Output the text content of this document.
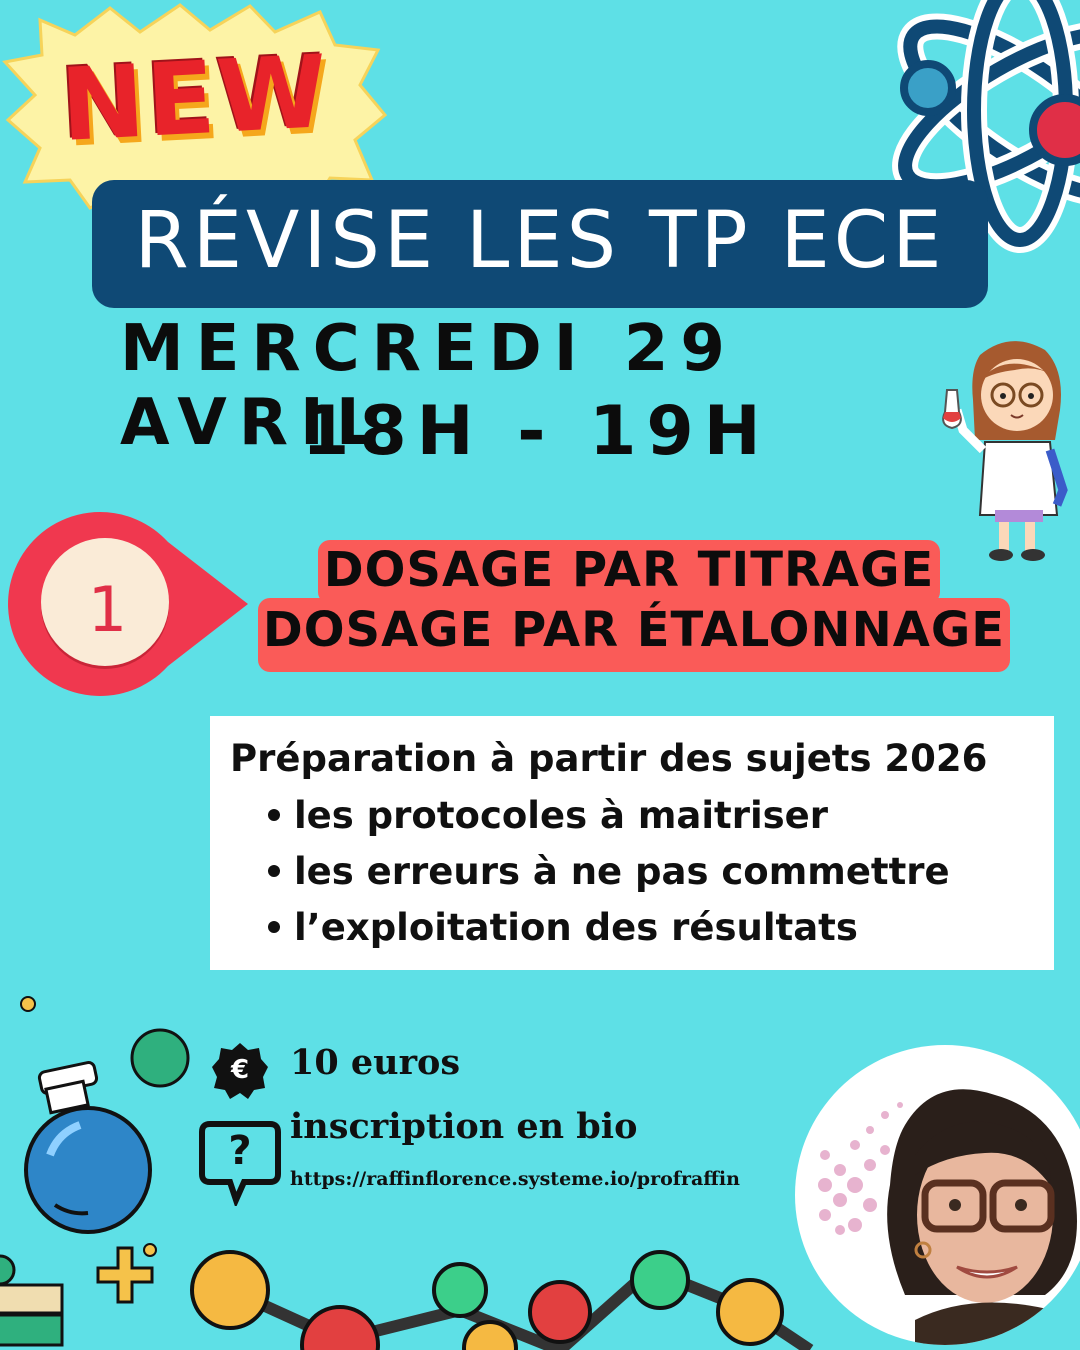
NEW
RÉVISE LES TP ECE
MERCREDI 29 AVRIL
18H - 19H
1
DOSAGE PAR TITRAGE
DOSAGE PAR ÉTALONNAGE
Préparation à partir des sujets 2026
les protocoles à maitriser
les erreurs à ne pas commettre
l’exploitation des résultats
€
?
10 euros
inscription en bio
https://raffinflorence.systeme.io/profraffin
